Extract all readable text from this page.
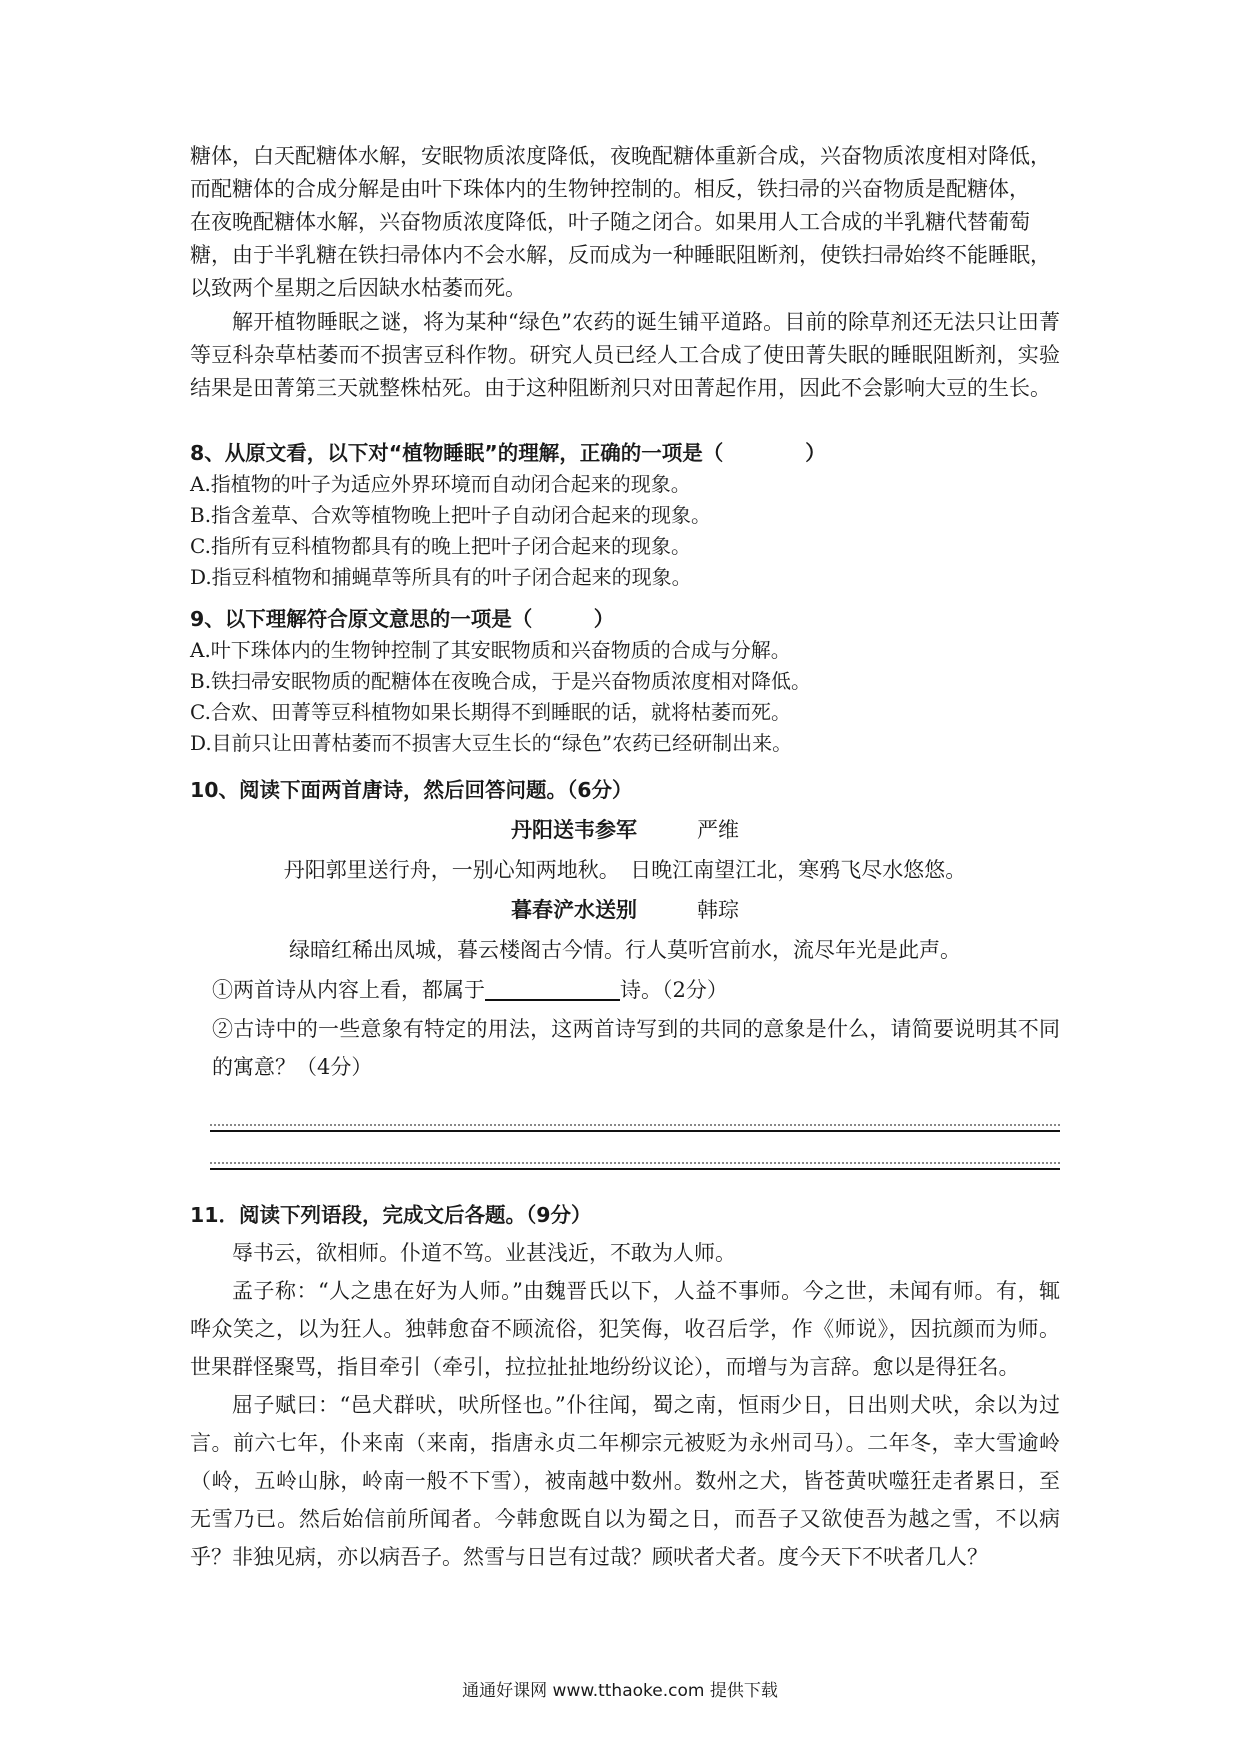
糖体，白天配糖体水解，安眠物质浓度降低，夜晚配糖体重新合成，兴奋物质浓度相对降低，

而配糖体的合成分解是由叶下珠体内的生物钟控制的。相反，铁扫帚的兴奋物质是配糖体，

在夜晚配糖体水解，兴奋物质浓度降低，叶子随之闭合。如果用人工合成的半乳糖代替葡萄

糖，由于半乳糖在铁扫帚体内不会水解，反而成为一种睡眠阻断剂，使铁扫帚始终不能睡眠，

以致两个星期之后因缺水枯萎而死。

解开植物睡眠之谜，将为某种“绿色”农药的诞生铺平道路。目前的除草剂还无法只让田菁等豆科杂草枯萎而不损害豆科作物。研究人员已经人工合成了使田菁失眠的睡眠阻断剂，实验结果是田菁第三天就整株枯死。由于这种阻断剂只对田菁起作用，因此不会影响大豆的生长。

8、从原文看，以下对“植物睡眠”的理解，正确的一项是（　　　　）

A.指植物的叶子为适应外界环境而自动闭合起来的现象。

B.指含羞草、合欢等植物晚上把叶子自动闭合起来的现象。

C.指所有豆科植物都具有的晚上把叶子闭合起来的现象。

D.指豆科植物和捕蝇草等所具有的叶子闭合起来的现象。

9、以下理解符合原文意思的一项是（　　　）

A.叶下珠体内的生物钟控制了其安眠物质和兴奋物质的合成与分解。

B.铁扫帚安眠物质的配糖体在夜晚合成，于是兴奋物质浓度相对降低。

C.合欢、田菁等豆科植物如果长期得不到睡眠的话，就将枯萎而死。

D.目前只让田菁枯萎而不损害大豆生长的“绿色”农药已经研制出来。

10、阅读下面两首唐诗，然后回答问题。（6分）

丹阳送韦参军	严维

丹阳郭里送行舟，一别心知两地秋。　日晚江南望江北，寒鸦飞尽水悠悠。

暮春浐水送别	韩琮

绿暗红稀出凤城，暮云楼阁古今情。行人莫听宫前水，流尽年光是此声。

①两首诗从内容上看，都属于	诗。（2分）

②古诗中的一些意象有特定的用法，这两首诗写到的共同的意象是什么，请简要说明其不同的寓意？（4分）

11．阅读下列语段，完成文后各题。（9分）

辱书云，欲相师。仆道不笃。业甚浅近，不敢为人师。

孟子称：“人之患在好为人师。”由魏晋氏以下，人益不事师。今之世，未闻有师。有，辄哗众笑之，以为狂人。独韩愈奋不顾流俗，犯笑侮，收召后学，作《师说》，因抗颜而为师。世果群怪聚骂，指目牵引（牵引，拉拉扯扯地纷纷议论），而增与为言辞。愈以是得狂名。

屈子赋曰：“邑犬群吠，吠所怪也。”仆往闻，蜀之南，恒雨少日，日出则犬吠，余以为过言。前六七年，仆来南（来南，指唐永贞二年柳宗元被贬为永州司马）。二年冬，幸大雪逾岭（岭，五岭山脉，岭南一般不下雪），被南越中数州。数州之犬，皆苍黄吠噬狂走者累日，至无雪乃已。然后始信前所闻者。今韩愈既自以为蜀之日，而吾子又欲使吾为越之雪，不以病乎？非独见病，亦以病吾子。然雪与日岂有过哉？顾吠者犬者。度今天下不吠者几人？

通通好课网 www.tthaoke.com 提供下载
